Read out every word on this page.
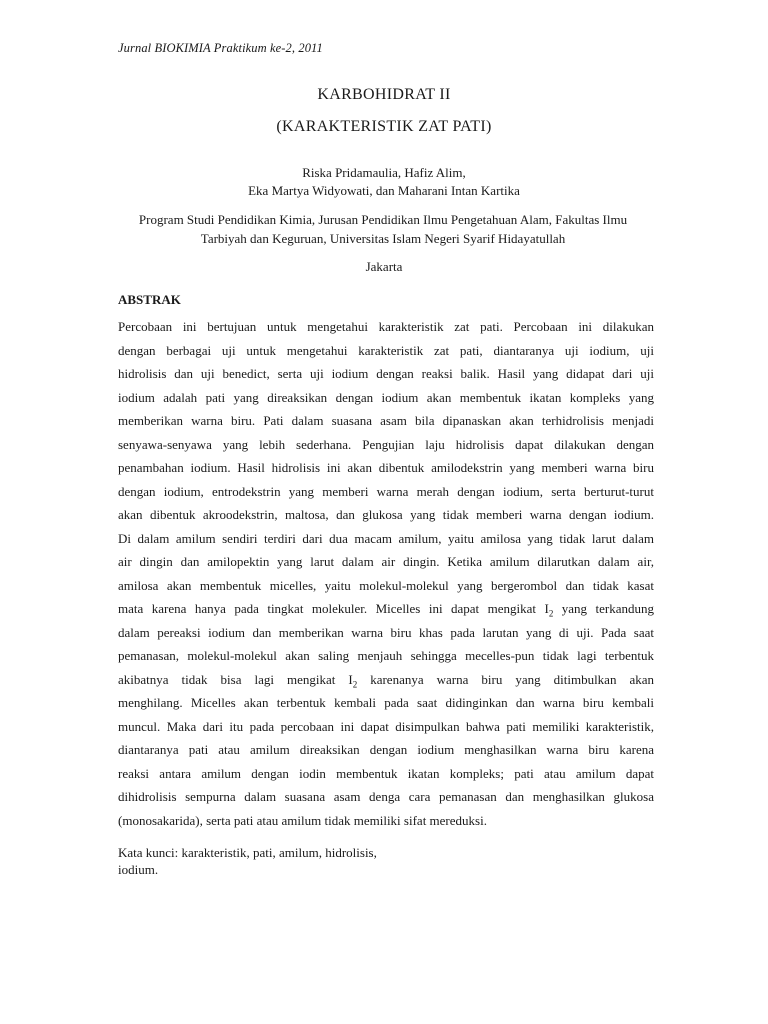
Jurnal BIOKIMIA Praktikum ke-2, 2011
KARBOHIDRAT II
(KARAKTERISTIK ZAT PATI)
Riska Pridamaulia, Hafiz Alim,
Eka Martya Widyowati, dan Maharani Intan Kartika
Program Studi Pendidikan Kimia, Jurusan Pendidikan Ilmu Pengetahuan Alam, Fakultas Ilmu
Tarbiyah dan Keguruan, Universitas Islam Negeri Syarif Hidayatullah
Jakarta
ABSTRAK
Percobaan ini bertujuan untuk mengetahui karakteristik zat pati. Percobaan ini dilakukan
dengan berbagai uji untuk mengetahui karakteristik zat pati, diantaranya uji iodium, uji
hidrolisis dan uji benedict, serta uji iodium dengan reaksi balik. Hasil yang didapat dari uji
iodium adalah pati yang direaksikan dengan iodium akan membentuk ikatan kompleks yang
memberikan warna biru. Pati dalam suasana asam bila dipanaskan akan terhidrolisis menjadi
senyawa-senyawa yang lebih sederhana. Pengujian laju hidrolisis dapat dilakukan dengan
penambahan iodium. Hasil hidrolisis ini akan dibentuk amilodekstrin yang memberi warna biru
dengan iodium, entrodekstrin yang memberi warna merah dengan iodium, serta berturut-turut
akan dibentuk akroodekstrin, maltosa, dan glukosa yang tidak memberi warna dengan iodium.
Di dalam amilum sendiri terdiri dari dua macam amilum, yaitu amilosa yang tidak larut dalam
air dingin dan amilopektin yang larut dalam air dingin. Ketika amilum dilarutkan dalam air,
amilosa akan membentuk micelles, yaitu molekul-molekul yang bergerombol dan tidak kasat
mata karena hanya pada tingkat molekuler. Micelles ini dapat mengikat $I_2$ yang terkandung
dalam pereaksi iodium dan memberikan warna biru khas pada larutan yang di uji. Pada saat
pemanasan, molekul-molekul akan saling menjauh sehingga mecelles-pun tidak lagi terbentuk
akibatnya tidak bisa lagi mengikat $I_2$ karenanya warna biru yang ditimbulkan akan
menghilang. Micelles akan terbentuk kembali pada saat didinginkan dan warna biru kembali
muncul. Maka dari itu pada percobaan ini dapat disimpulkan bahwa pati memiliki karakteristik,
diantaranya pati atau amilum direaksikan dengan iodium menghasilkan warna biru karena
reaksi antara amilum dengan iodin membentuk ikatan kompleks; pati atau amilum dapat
dihidrolisis sempurna dalam suasana asam denga cara pemanasan dan menghasilkan glukosa
(monosakarida), serta pati atau amilum tidak memiliki sifat mereduksi.
Kata kunci: karakteristik, pati, amilum, hidrolisis,
iodium.
